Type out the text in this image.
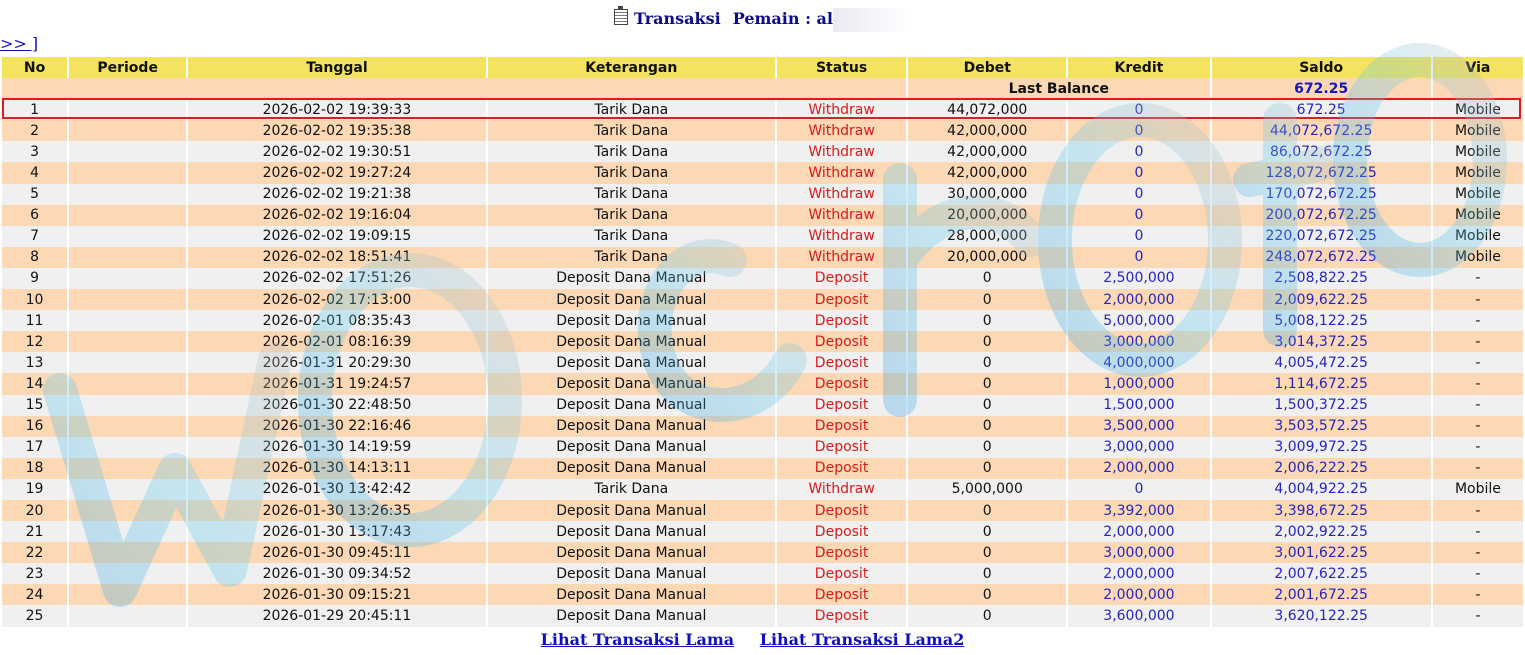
Transaksi Pemain : al
>> ]
No	Periode	Tanggal	Keterangan	Status	Debet	Kredit	Saldo	Via
					Last Balance		672.25	
1		2026-02-02 19:39:33	Tarik Dana	Withdraw	44,072,000	0	672.25	Mobile
2		2026-02-02 19:35:38	Tarik Dana	Withdraw	42,000,000	0	44,072,672.25	Mobile
3		2026-02-02 19:30:51	Tarik Dana	Withdraw	42,000,000	0	86,072,672.25	Mobile
4		2026-02-02 19:27:24	Tarik Dana	Withdraw	42,000,000	0	128,072,672.25	Mobile
5		2026-02-02 19:21:38	Tarik Dana	Withdraw	30,000,000	0	170,072,672.25	Mobile
6		2026-02-02 19:16:04	Tarik Dana	Withdraw	20,000,000	0	200,072,672.25	Mobile
7		2026-02-02 19:09:15	Tarik Dana	Withdraw	28,000,000	0	220,072,672.25	Mobile
8		2026-02-02 18:51:41	Tarik Dana	Withdraw	20,000,000	0	248,072,672.25	Mobile
9		2026-02-02 17:51:26	Deposit Dana Manual	Deposit	0	2,500,000	2,508,822.25	-
10		2026-02-02 17:13:00	Deposit Dana Manual	Deposit	0	2,000,000	2,009,622.25	-
11		2026-02-01 08:35:43	Deposit Dana Manual	Deposit	0	5,000,000	5,008,122.25	-
12		2026-02-01 08:16:39	Deposit Dana Manual	Deposit	0	3,000,000	3,014,372.25	-
13		2026-01-31 20:29:30	Deposit Dana Manual	Deposit	0	4,000,000	4,005,472.25	-
14		2026-01-31 19:24:57	Deposit Dana Manual	Deposit	0	1,000,000	1,114,672.25	-
15		2026-01-30 22:48:50	Deposit Dana Manual	Deposit	0	1,500,000	1,500,372.25	-
16		2026-01-30 22:16:46	Deposit Dana Manual	Deposit	0	3,500,000	3,503,572.25	-
17		2026-01-30 14:19:59	Deposit Dana Manual	Deposit	0	3,000,000	3,009,972.25	-
18		2026-01-30 14:13:11	Deposit Dana Manual	Deposit	0	2,000,000	2,006,222.25	-
19		2026-01-30 13:42:42	Tarik Dana	Withdraw	5,000,000	0	4,004,922.25	Mobile
20		2026-01-30 13:26:35	Deposit Dana Manual	Deposit	0	3,392,000	3,398,672.25	-
21		2026-01-30 13:17:43	Deposit Dana Manual	Deposit	0	2,000,000	2,002,922.25	-
22		2026-01-30 09:45:11	Deposit Dana Manual	Deposit	0	3,000,000	3,001,622.25	-
23		2026-01-30 09:34:52	Deposit Dana Manual	Deposit	0	2,000,000	2,007,622.25	-
24		2026-01-30 09:15:21	Deposit Dana Manual	Deposit	0	2,000,000	2,001,672.25	-
25		2026-01-29 20:45:11	Deposit Dana Manual	Deposit	0	3,600,000	3,620,122.25	-
Lihat Transaksi Lama Lihat Transaksi Lama2
